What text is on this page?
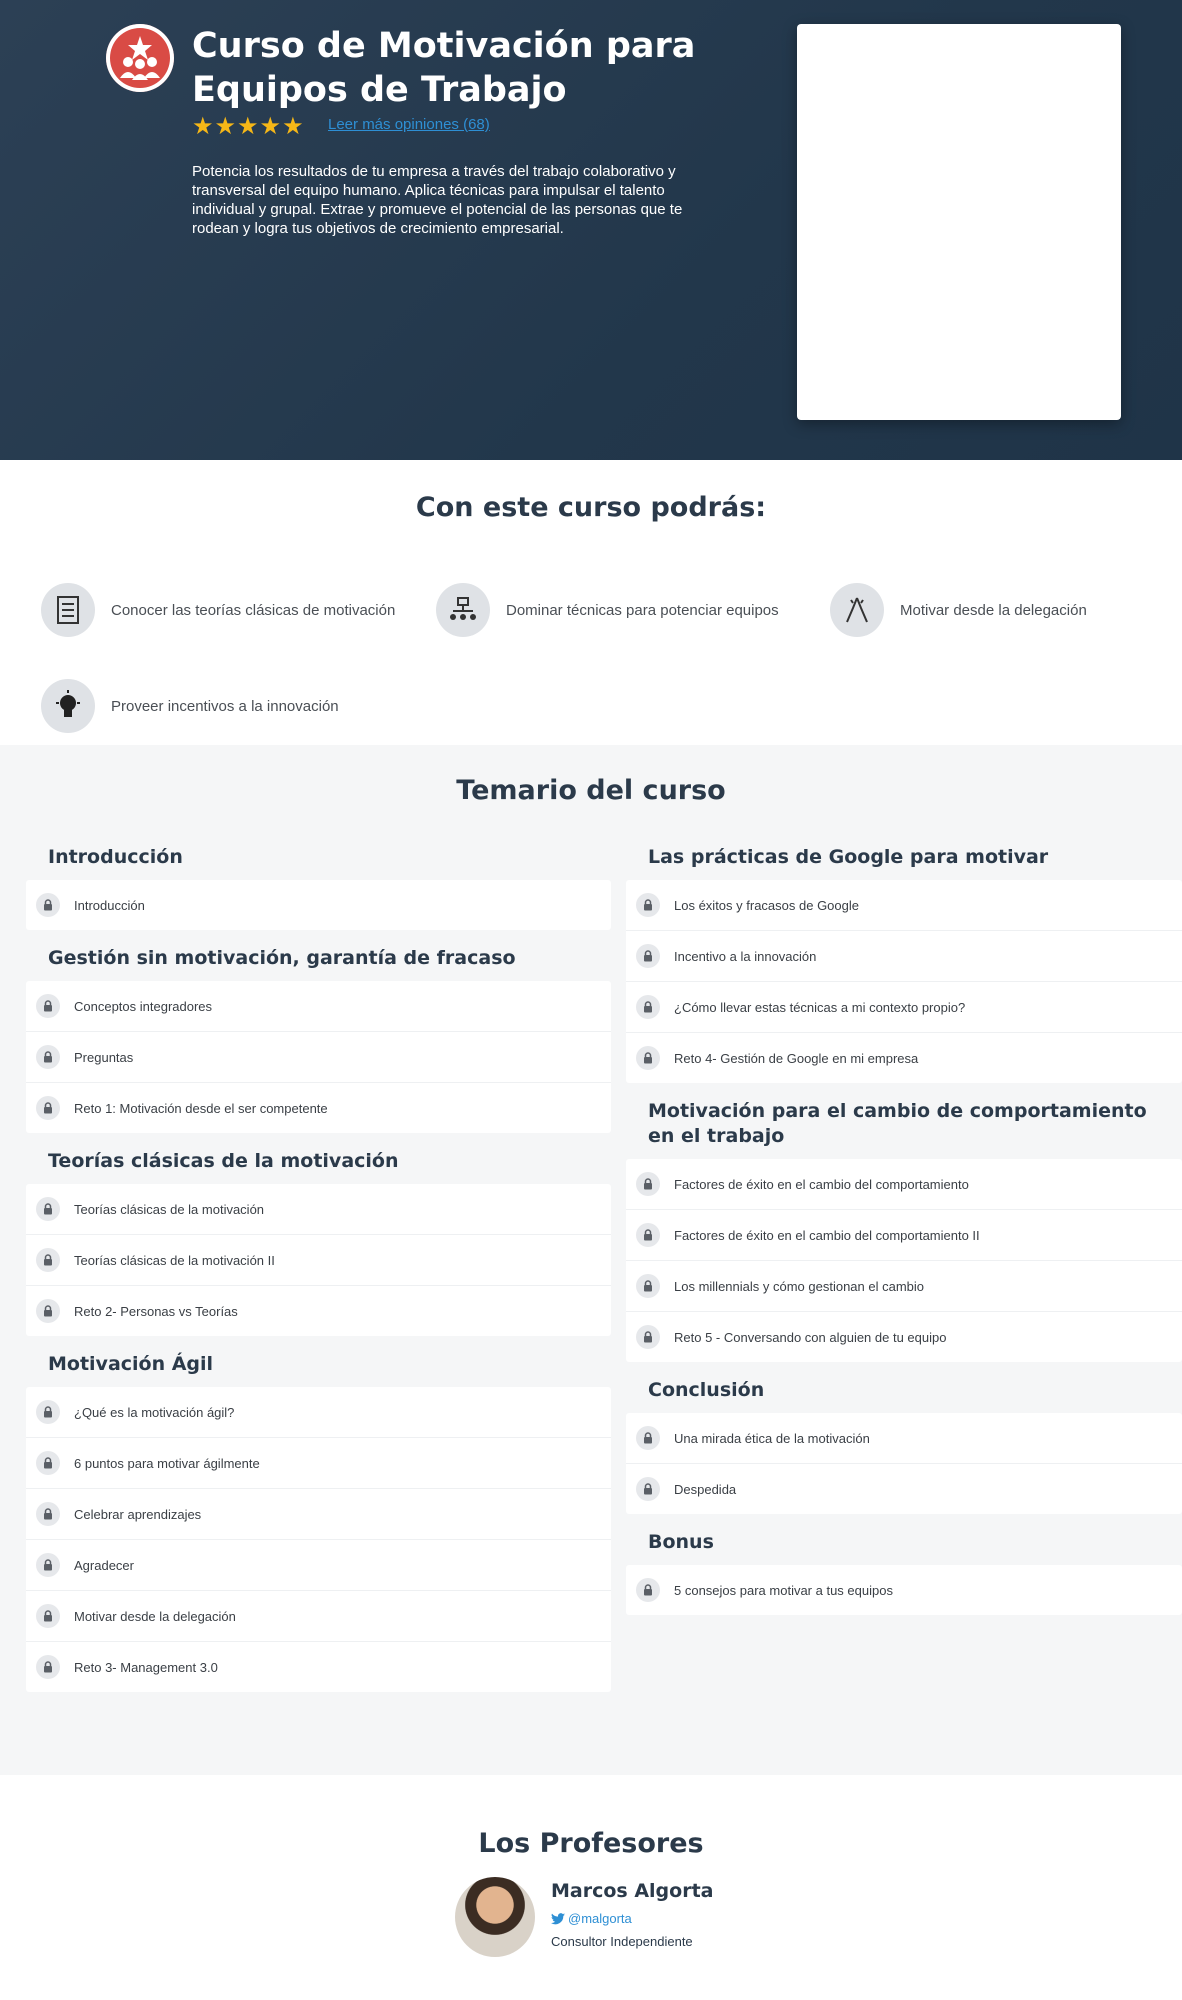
Curso de Motivación para Equipos de Trabajo
★★★★★ Leer más opiniones (68)

Potencia los resultados de tu empresa a través del trabajo colaborativo y transversal del equipo humano. Aplica técnicas para impulsar el talento individual y grupal. Extrae y promueve el potencial de las personas que te rodean y logra tus objetivos de crecimiento empresarial.

Con este curso podrás:
Conocer las teorías clásicas de motivación	Dominar técnicas para potenciar equipos	Motivar desde la delegación
Proveer incentivos a la innovación
Temario del curso
Introducción
Introducción
Gestión sin motivación, garantía de fracaso
Conceptos integradores
Preguntas
Reto 1: Motivación desde el ser competente
Teorías clásicas de la motivación
Teorías clásicas de la motivación
Teorías clásicas de la motivación II
Reto 2- Personas vs Teorías
Motivación Ágil
¿Qué es la motivación ágil?
6 puntos para motivar ágilmente
Celebrar aprendizajes
Agradecer
Motivar desde la delegación
Reto 3- Management 3.0
Las prácticas de Google para motivar
Los éxitos y fracasos de Google
Incentivo a la innovación
¿Cómo llevar estas técnicas a mi contexto propio?
Reto 4- Gestión de Google en mi empresa
Motivación para el cambio de comportamiento en el trabajo
Factores de éxito en el cambio del comportamiento
Factores de éxito en el cambio del comportamiento II
Los millennials y cómo gestionan el cambio
Reto 5 - Conversando con alguien de tu equipo
Conclusión
Una mirada ética de la motivación
Despedida
Bonus
5 consejos para motivar a tus equipos
Los Profesores
Marcos Algorta
@malgorta
Consultor Independiente
